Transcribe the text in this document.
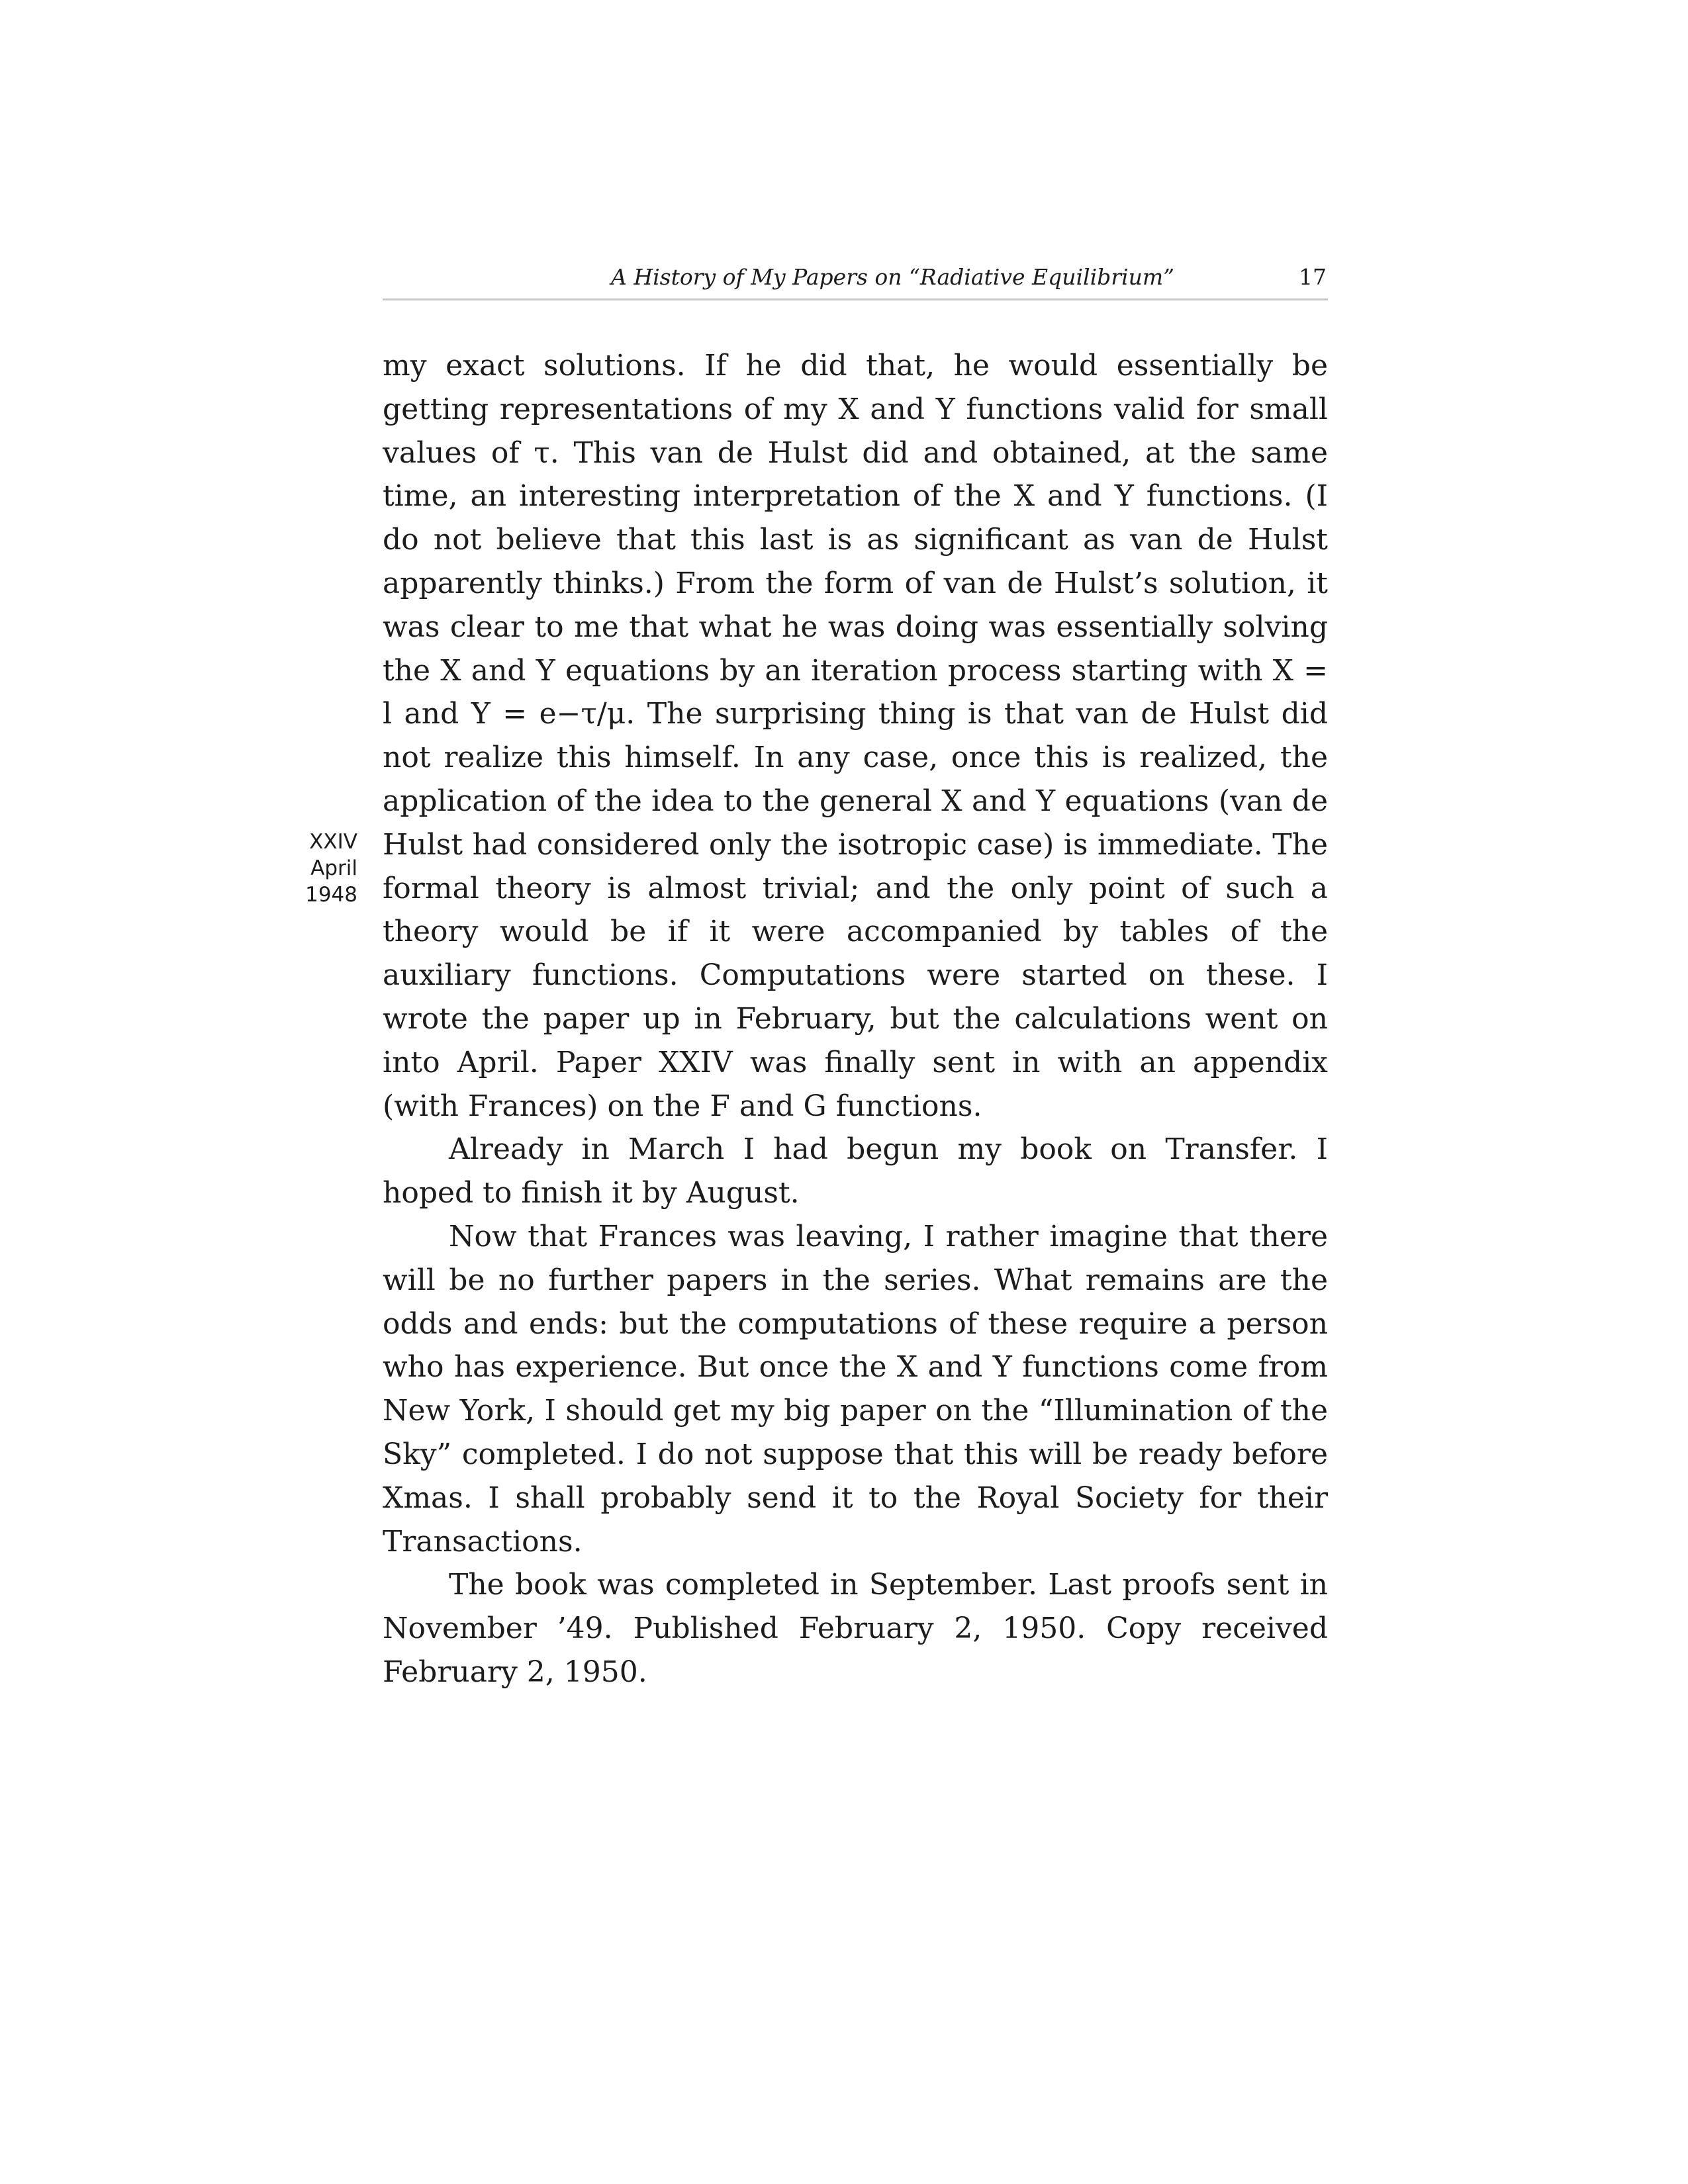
A History of My Papers on “Radiative Equilibrium”	17
XXIV
April
1948

my exact solutions. If he did that, he would essentially be getting representations of my X and Y functions valid for small values of τ. This van de Hulst did and obtained, at the same time, an interesting interpretation of the X and Y functions. (I do not believe that this last is as significant as van de Hulst apparently thinks.) From the form of van de Hulst’s solution, it was clear to me that what he was doing was essentially solving the X and Y equations by an iteration process starting with X = l and Y = e−τ/μ. The surprising thing is that van de Hulst did not realize this himself. In any case, once this is realized, the application of the idea to the general X and Y equations (van de Hulst had considered only the isotropic case) is immediate. The formal theory is almost trivial; and the only point of such a theory would be if it were accompanied by tables of the auxiliary functions. Computations were started on these. I wrote the paper up in February, but the calculations went on into April. Paper XXIV was finally sent in with an appendix (with Frances) on the F and G functions.

Already in March I had begun my book on Transfer. I hoped to finish it by August.

Now that Frances was leaving, I rather imagine that there will be no further papers in the series. What remains are the odds and ends: but the computations of these require a person who has experience. But once the X and Y functions come from New York, I should get my big paper on the “Illumination of the Sky” completed. I do not suppose that this will be ready before Xmas. I shall probably send it to the Royal Society for their Transactions.

The book was completed in September. Last proofs sent in November ’49. Published February 2, 1950. Copy received February 2, 1950.
